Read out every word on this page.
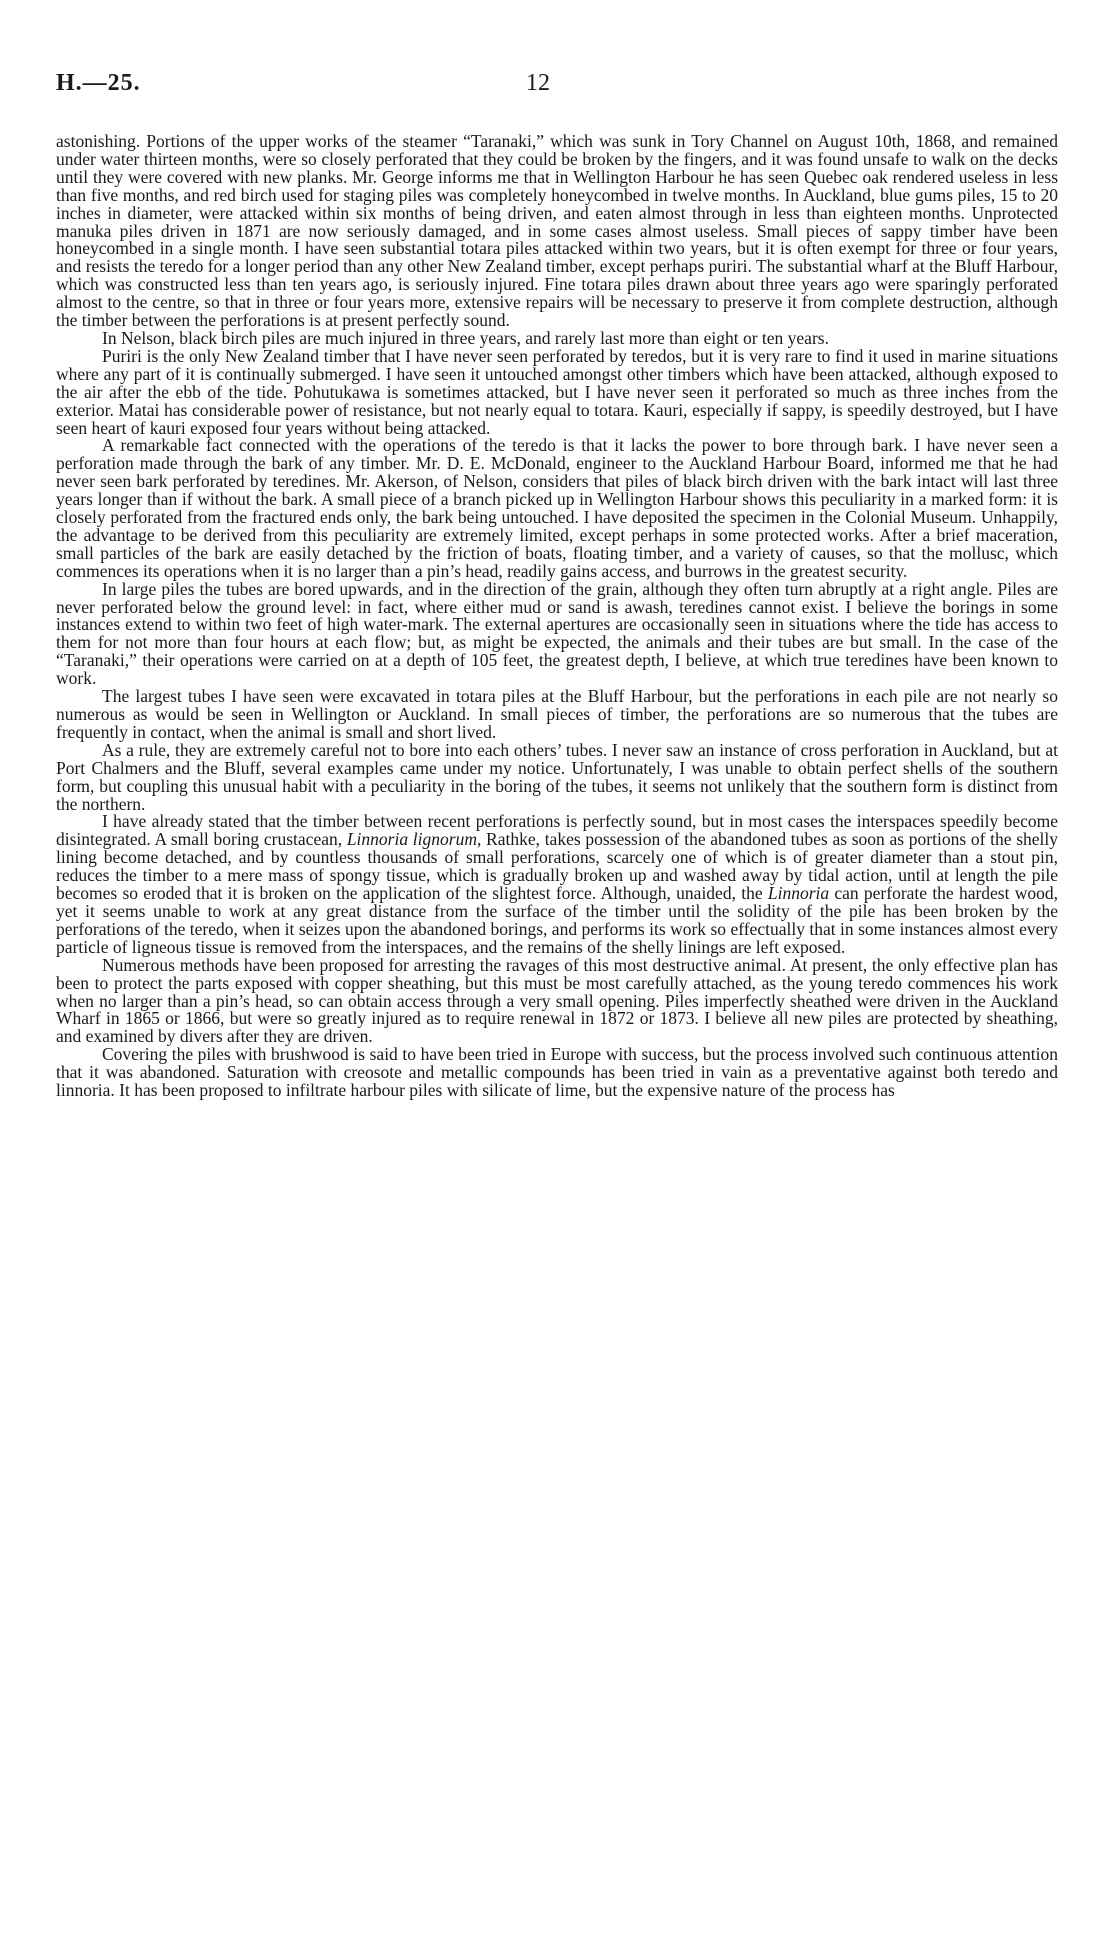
H.—25.	12

astonishing. Portions of the upper works of the steamer “Taranaki,” which was sunk in Tory Channel on August 10th, 1868, and remained under water thirteen months, were so closely perforated that they could be broken by the fingers, and it was found unsafe to walk on the decks until they were covered with new planks. Mr. George informs me that in Wellington Harbour he has seen Quebec oak rendered useless in less than five months, and red birch used for staging piles was completely honeycombed in twelve months. In Auckland, blue gums piles, 15 to 20 inches in diameter, were attacked within six months of being driven, and eaten almost through in less than eighteen months. Unprotected manuka piles driven in 1871 are now seriously damaged, and in some cases almost useless. Small pieces of sappy timber have been honeycombed in a single month. I have seen substantial totara piles attacked within two years, but it is often exempt for three or four years, and resists the teredo for a longer period than any other New Zealand timber, except perhaps puriri. The substantial wharf at the Bluff Harbour, which was constructed less than ten years ago, is seriously injured. Fine totara piles drawn about three years ago were sparingly perforated almost to the centre, so that in three or four years more, extensive repairs will be necessary to preserve it from complete destruction, although the timber between the perforations is at present perfectly sound.

In Nelson, black birch piles are much injured in three years, and rarely last more than eight or ten years.

Puriri is the only New Zealand timber that I have never seen perforated by teredos, but it is very rare to find it used in marine situations where any part of it is continually submerged. I have seen it untouched amongst other timbers which have been attacked, although exposed to the air after the ebb of the tide. Pohutukawa is sometimes attacked, but I have never seen it perforated so much as three inches from the exterior. Matai has considerable power of resistance, but not nearly equal to totara. Kauri, especially if sappy, is speedily destroyed, but I have seen heart of kauri exposed four years without being attacked.

A remarkable fact connected with the operations of the teredo is that it lacks the power to bore through bark. I have never seen a perforation made through the bark of any timber. Mr. D. E. McDonald, engineer to the Auckland Harbour Board, informed me that he had never seen bark perforated by teredines. Mr. Akerson, of Nelson, considers that piles of black birch driven with the bark intact will last three years longer than if without the bark. A small piece of a branch picked up in Wellington Harbour shows this peculiarity in a marked form: it is closely perforated from the fractured ends only, the bark being untouched. I have deposited the specimen in the Colonial Museum. Unhappily, the advantage to be derived from this peculiarity are extremely limited, except perhaps in some protected works. After a brief maceration, small particles of the bark are easily detached by the friction of boats, floating timber, and a variety of causes, so that the mollusc, which commences its operations when it is no larger than a pin’s head, readily gains access, and burrows in the greatest security.

In large piles the tubes are bored upwards, and in the direction of the grain, although they often turn abruptly at a right angle. Piles are never perforated below the ground level: in fact, where either mud or sand is awash, teredines cannot exist. I believe the borings in some instances extend to within two feet of high water-mark. The external apertures are occasionally seen in situations where the tide has access to them for not more than four hours at each flow; but, as might be expected, the animals and their tubes are but small. In the case of the “Taranaki,” their operations were carried on at a depth of 105 feet, the greatest depth, I believe, at which true teredines have been known to work.

The largest tubes I have seen were excavated in totara piles at the Bluff Harbour, but the perforations in each pile are not nearly so numerous as would be seen in Wellington or Auckland. In small pieces of timber, the perforations are so numerous that the tubes are frequently in contact, when the animal is small and short lived.

As a rule, they are extremely careful not to bore into each others’ tubes. I never saw an instance of cross perforation in Auckland, but at Port Chalmers and the Bluff, several examples came under my notice. Unfortunately, I was unable to obtain perfect shells of the southern form, but coupling this unusual habit with a peculiarity in the boring of the tubes, it seems not unlikely that the southern form is distinct from the northern.

I have already stated that the timber between recent perforations is perfectly sound, but in most cases the interspaces speedily become disintegrated. A small boring crustacean, Linnoria lignorum, Rathke, takes possession of the abandoned tubes as soon as portions of the shelly lining become detached, and by countless thousands of small perforations, scarcely one of which is of greater diameter than a stout pin, reduces the timber to a mere mass of spongy tissue, which is gradually broken up and washed away by tidal action, until at length the pile becomes so eroded that it is broken on the application of the slightest force. Although, unaided, the Linnoria can perforate the hardest wood, yet it seems unable to work at any great distance from the surface of the timber until the solidity of the pile has been broken by the perforations of the teredo, when it seizes upon the abandoned borings, and performs its work so effectually that in some instances almost every particle of ligneous tissue is removed from the interspaces, and the remains of the shelly linings are left exposed.

Numerous methods have been proposed for arresting the ravages of this most destructive animal. At present, the only effective plan has been to protect the parts exposed with copper sheathing, but this must be most carefully attached, as the young teredo commences his work when no larger than a pin’s head, so can obtain access through a very small opening. Piles imperfectly sheathed were driven in the Auckland Wharf in 1865 or 1866, but were so greatly injured as to require renewal in 1872 or 1873. I believe all new piles are protected by sheathing, and examined by divers after they are driven.

Covering the piles with brushwood is said to have been tried in Europe with success, but the process involved such continuous attention that it was abandoned. Saturation with creosote and metallic compounds has been tried in vain as a preventative against both teredo and linnoria. It has been proposed to infiltrate harbour piles with silicate of lime, but the expensive nature of the process has
